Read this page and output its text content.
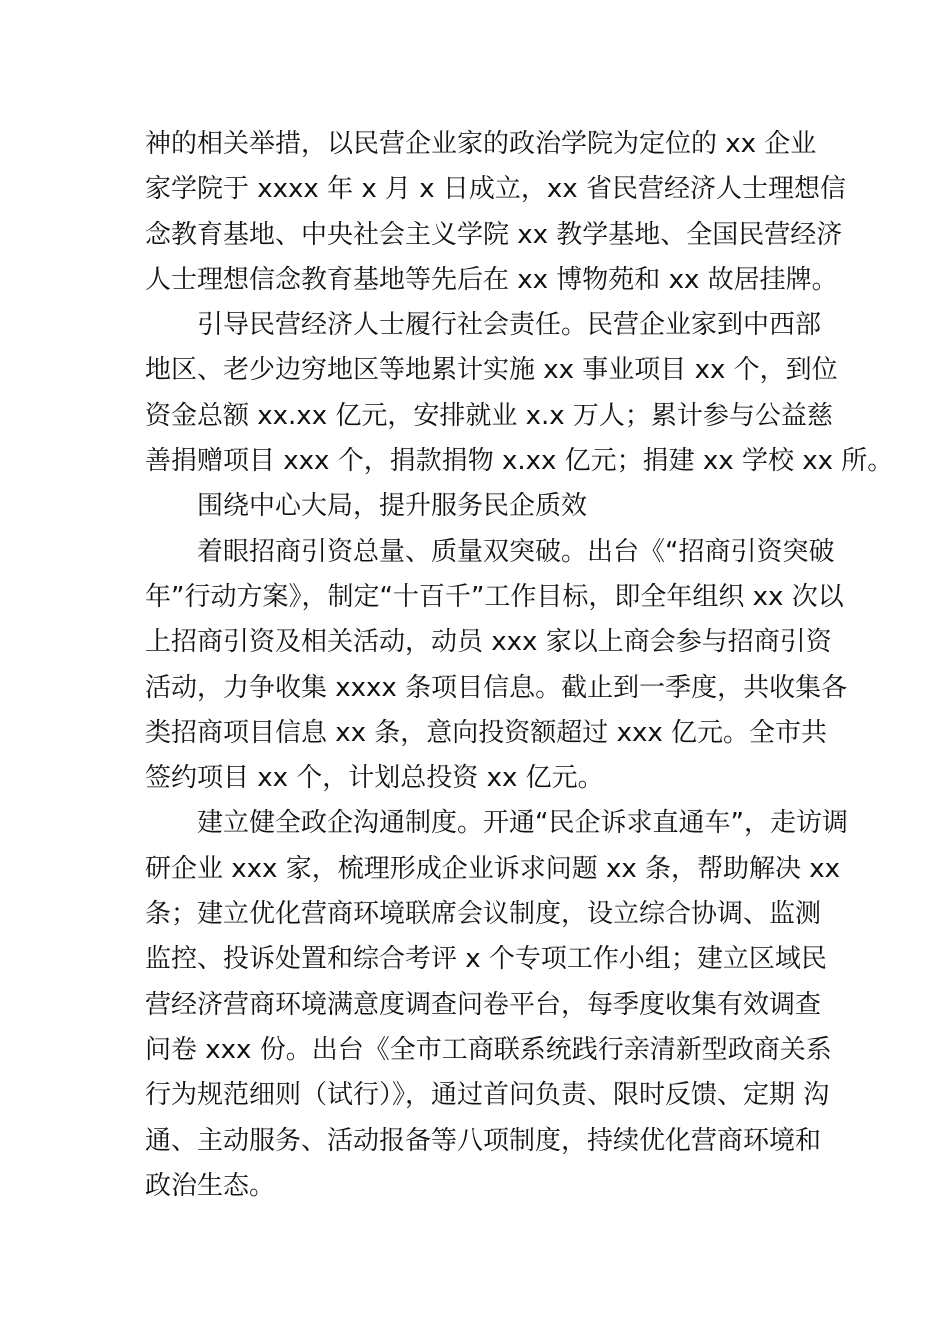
神的相关举措，以民营企业家的政治学院为定位的 xx 企业
家学院于 xxxx 年 x 月 x 日成立，xx 省民营经济人士理想信
念教育基地、中央社会主义学院 xx 教学基地、全国民营经济
人士理想信念教育基地等先后在 xx 博物苑和 xx 故居挂牌。
引导民营经济人士履行社会责任。民营企业家到中西部
地区、老少边穷地区等地累计实施 xx 事业项目 xx 个，到位
资金总额 xx.xx 亿元，安排就业 x.x 万人；累计参与公益慈
善捐赠项目 xxx 个，捐款捐物 x.xx 亿元；捐建 xx 学校 xx 所。
围绕中心大局，提升服务民企质效
着眼招商引资总量、质量双突破。出台《“招商引资突破
年”行动方案》，制定“十百千”工作目标，即全年组织 xx 次以
上招商引资及相关活动，动员 xxx 家以上商会参与招商引资
活动，力争收集 xxxx 条项目信息。截止到一季度，共收集各
类招商项目信息 xx 条，意向投资额超过 xxx 亿元。全市共
签约项目 xx 个，计划总投资 xx 亿元。
建立健全政企沟通制度。开通“民企诉求直通车”，走访调
研企业 xxx 家，梳理形成企业诉求问题 xx 条，帮助解决 xx
条；建立优化营商环境联席会议制度，设立综合协调、监测
监控、投诉处置和综合考评 x 个专项工作小组；建立区域民
营经济营商环境满意度调查问卷平台，每季度收集有效调查
问卷 xxx 份。出台《全市工商联系统践行亲清新型政商关系
行为规范细则（试行）》，通过首问负责、限时反馈、定期 沟
通、主动服务、活动报备等八项制度，持续优化营商环境和
政治生态。
